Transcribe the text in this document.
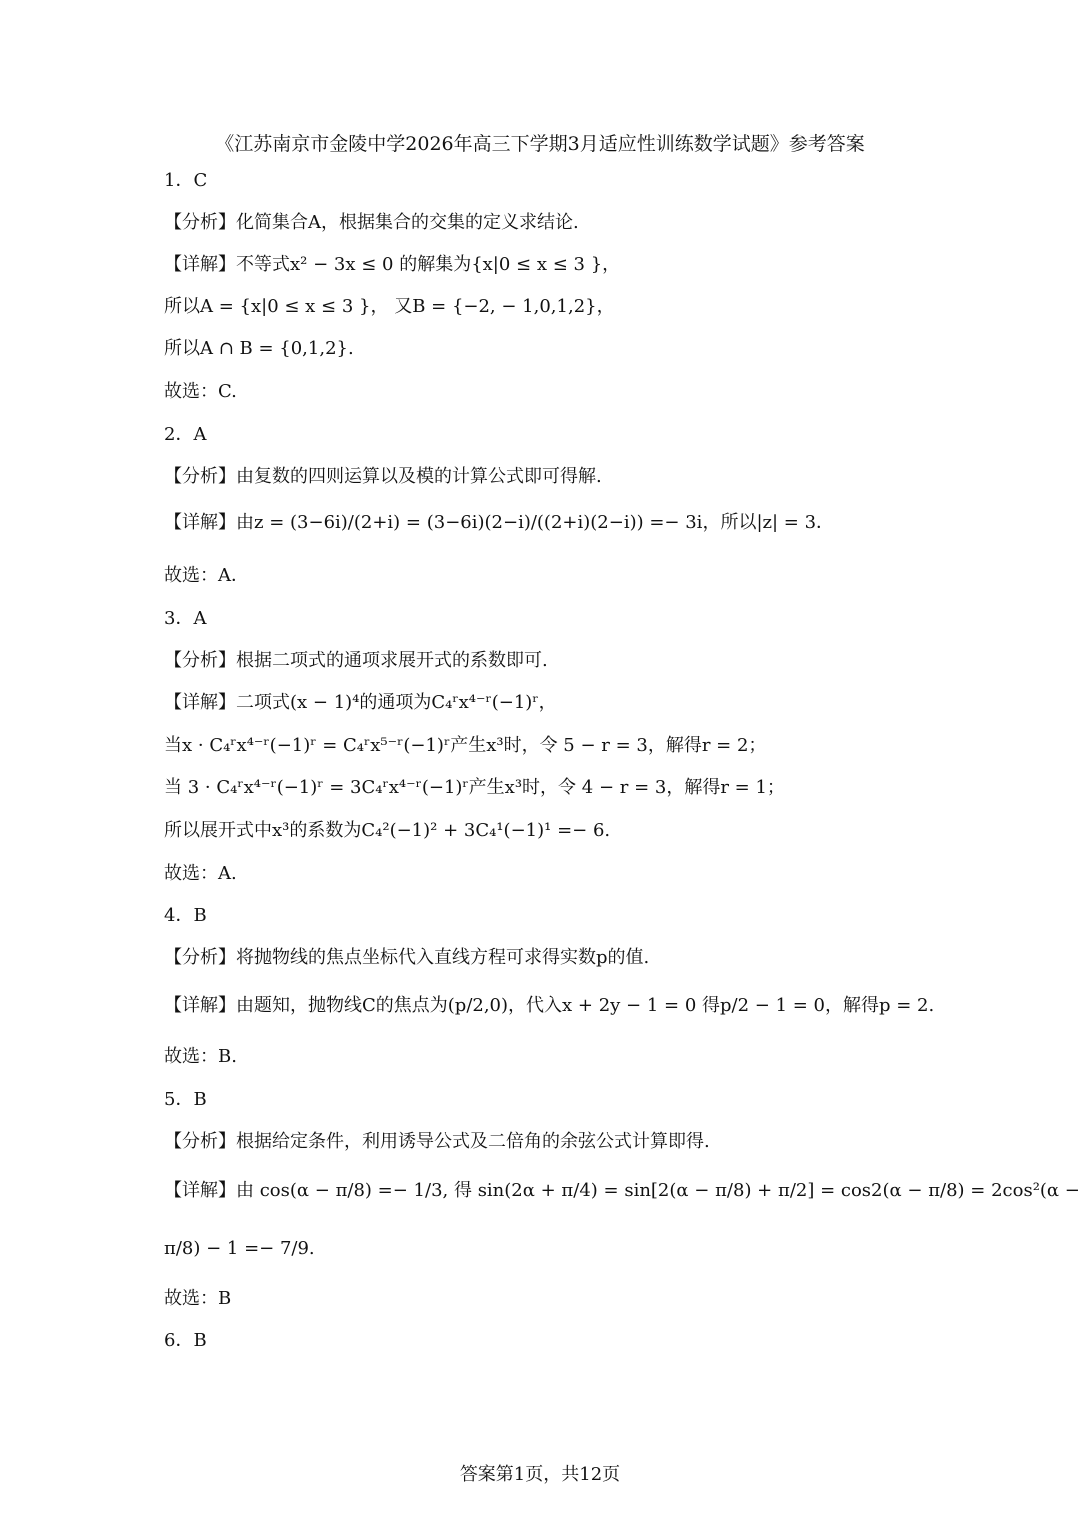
《江苏南京市金陵中学2026年高三下学期3月适应性训练数学试题》参考答案
1．C
【分析】化简集合A，根据集合的交集的定义求结论.
【详解】不等式x² − 3x ≤ 0 的解集为{x|0 ≤ x ≤ 3 }，
所以A = {x|0 ≤ x ≤ 3 }， 又B = {−2, − 1,0,1,2}，
所以A ∩ B = {0,1,2}.
故选：C.
2．A
【分析】由复数的四则运算以及模的计算公式即可得解.
【详解】由z = (3−6i)/(2+i) = (3−6i)(2−i)/((2+i)(2−i)) =− 3i，所以|z| = 3．
故选：A．
3．A
【分析】根据二项式的通项求展开式的系数即可.
【详解】二项式(x − 1)⁴的通项为C₄ʳx⁴⁻ʳ(−1)ʳ，
当x · C₄ʳx⁴⁻ʳ(−1)ʳ = C₄ʳx⁵⁻ʳ(−1)ʳ产生x³时，令 5 − r = 3，解得r = 2；
当 3 · C₄ʳx⁴⁻ʳ(−1)ʳ = 3C₄ʳx⁴⁻ʳ(−1)ʳ产生x³时，令 4 − r = 3，解得r = 1；
所以展开式中x³的系数为C₄²(−1)² + 3C₄¹(−1)¹ =− 6.
故选：A.
4．B
【分析】将抛物线的焦点坐标代入直线方程可求得实数p的值.
【详解】由题知，抛物线C的焦点为(p/2,0)，代入x + 2y − 1 = 0 得p/2 − 1 = 0，解得p = 2.
故选：B.
5．B
【分析】根据给定条件，利用诱导公式及二倍角的余弦公式计算即得.
【详解】由 cos(α − π/8) =− 1/3, 得 sin(2α + π/4) = sin[2(α − π/8) + π/2] = cos2(α − π/8) = 2cos²(α −
π/8) − 1 =− 7/9.
故选：B
6．B
答案第1页，共12页
